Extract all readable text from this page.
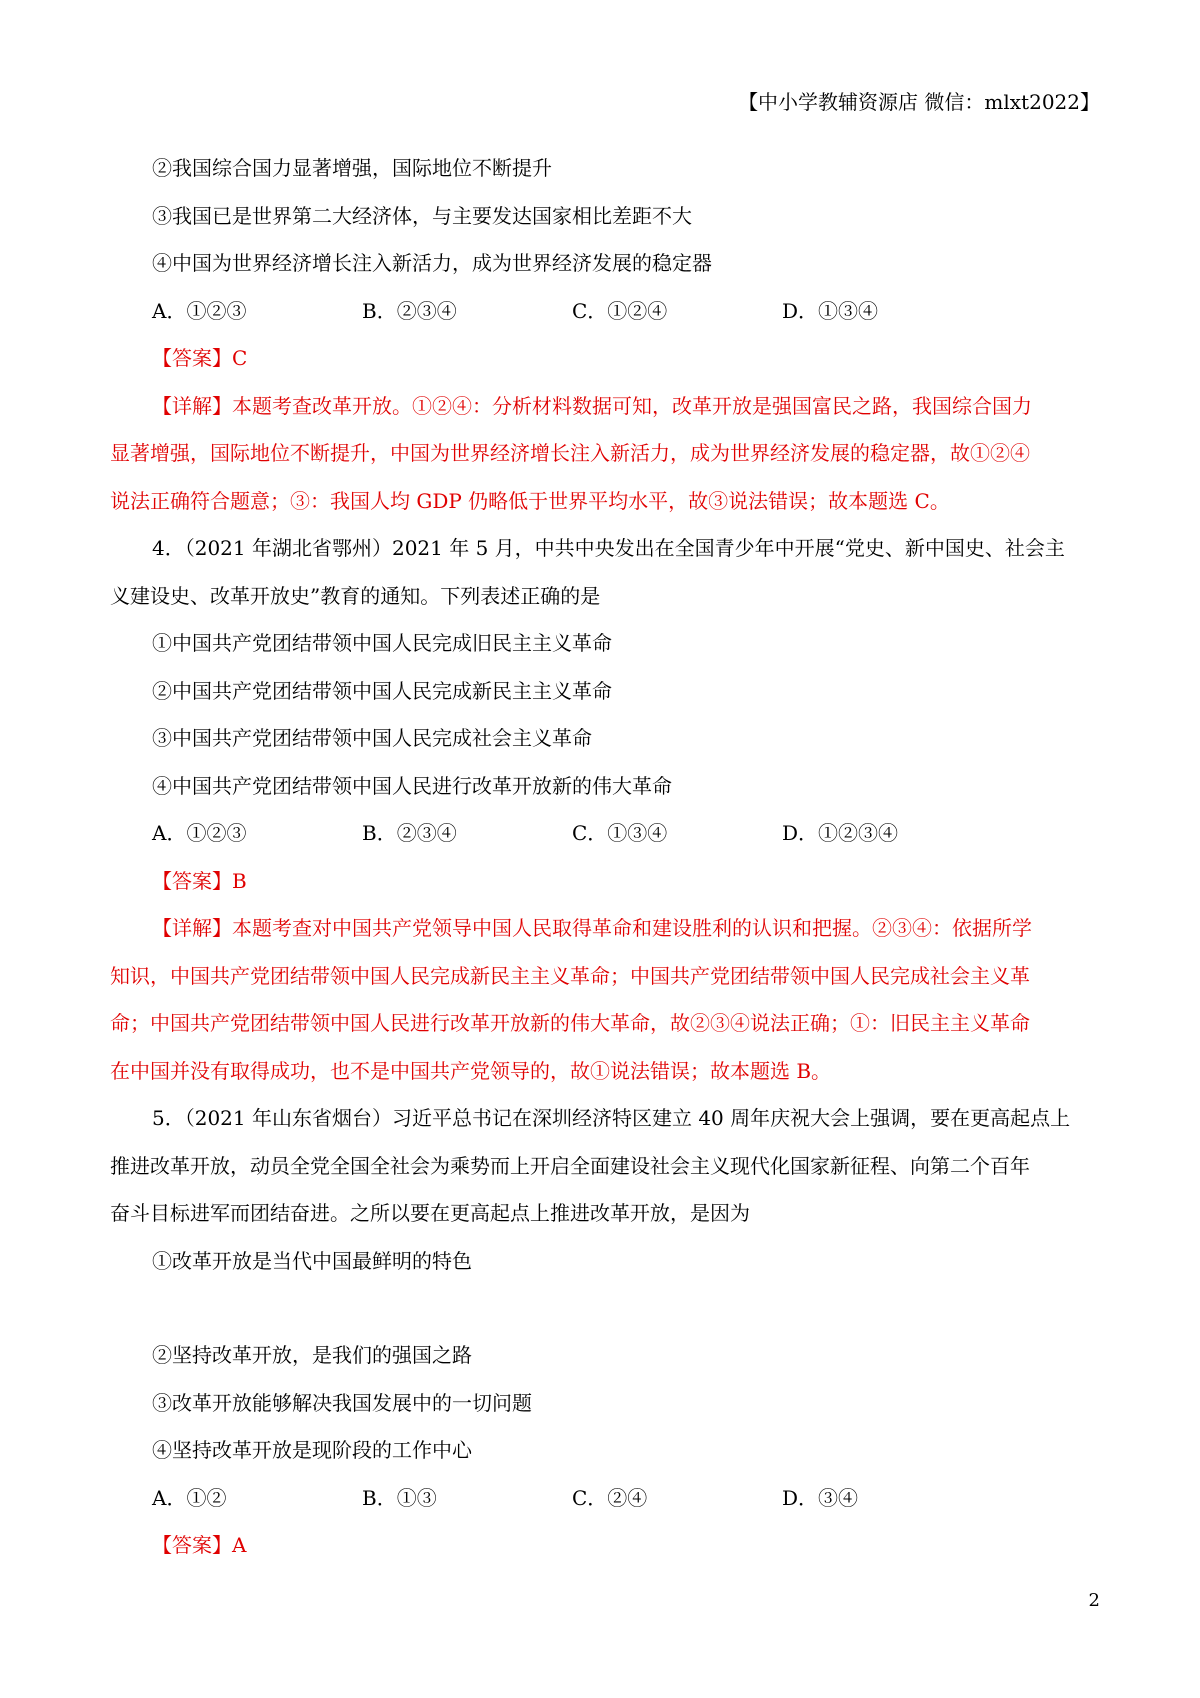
【中小学教辅资源店 微信：mlxt2022】
②我国综合国力显著增强，国际地位不断提升
③我国已是世界第二大经济体，与主要发达国家相比差距不大
④中国为世界经济增长注入新活力，成为世界经济发展的稳定器
A．①②③	B．②③④	C．①②④	D．①③④
【答案】C
【详解】本题考查改革开放。①②④：分析材料数据可知，改革开放是强国富民之路，我国综合国力
显著增强，国际地位不断提升，中国为世界经济增长注入新活力，成为世界经济发展的稳定器，故①②④
说法正确符合题意；③：我国人均 GDP 仍略低于世界平均水平，故③说法错误；故本题选 C。
4．（2021 年湖北省鄂州）2021 年 5 月，中共中央发出在全国青少年中开展“党史、新中国史、社会主
义建设史、改革开放史”教育的通知。下列表述正确的是
①中国共产党团结带领中国人民完成旧民主主义革命
②中国共产党团结带领中国人民完成新民主主义革命
③中国共产党团结带领中国人民完成社会主义革命
④中国共产党团结带领中国人民进行改革开放新的伟大革命
A．①②③	B．②③④	C．①③④	D．①②③④
【答案】B
【详解】本题考查对中国共产党领导中国人民取得革命和建设胜利的认识和把握。②③④：依据所学
知识，中国共产党团结带领中国人民完成新民主主义革命；中国共产党团结带领中国人民完成社会主义革
命；中国共产党团结带领中国人民进行改革开放新的伟大革命，故②③④说法正确；①：旧民主主义革命
在中国并没有取得成功，也不是中国共产党领导的，故①说法错误；故本题选 B。
5．（2021 年山东省烟台）习近平总书记在深圳经济特区建立 40 周年庆祝大会上强调，要在更高起点上
推进改革开放，动员全党全国全社会为乘势而上开启全面建设社会主义现代化国家新征程、向第二个百年
奋斗目标进军而团结奋进。之所以要在更高起点上推进改革开放，是因为
①改革开放是当代中国最鲜明的特色
②坚持改革开放，是我们的强国之路
③改革开放能够解决我国发展中的一切问题
④坚持改革开放是现阶段的工作中心
A．①②	B．①③	C．②④	D．③④
【答案】A
2
